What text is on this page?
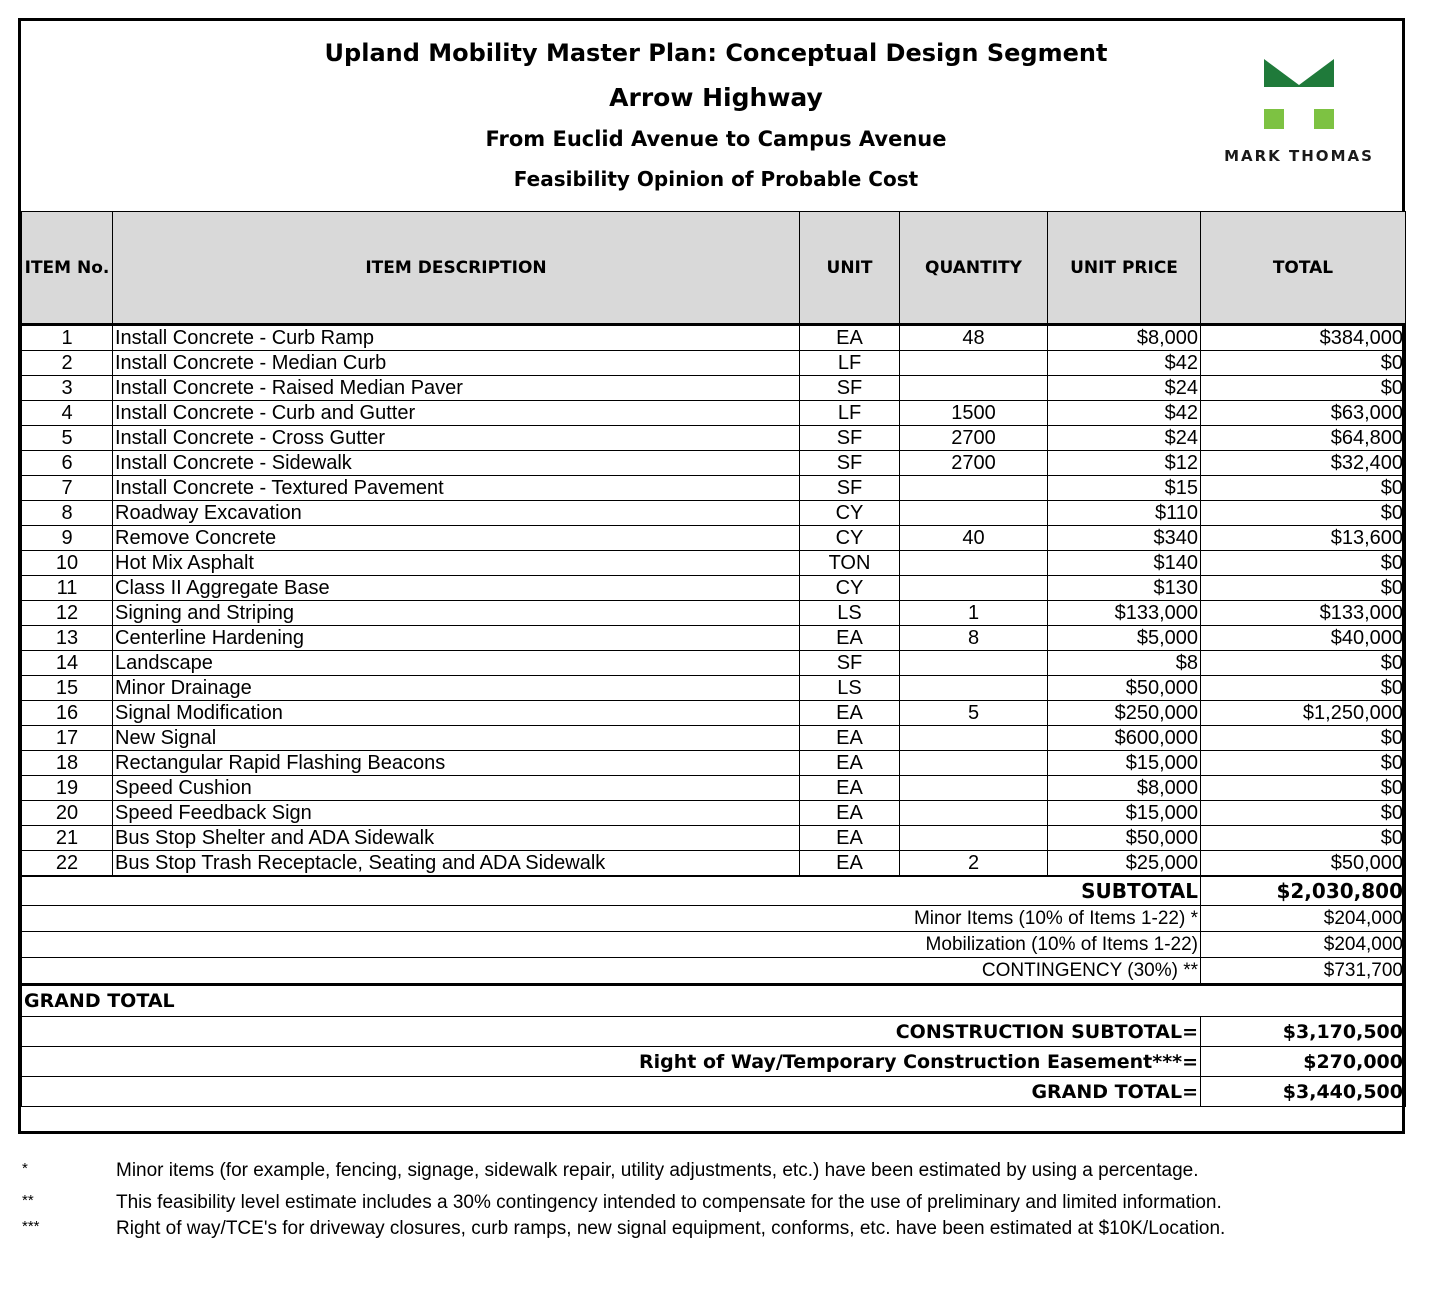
Upland Mobility Master Plan: Conceptual Design Segment
Arrow Highway
From Euclid Avenue to Campus Avenue
Feasibility Opinion of Probable Cost
MARK THOMAS
ITEM No.	ITEM DESCRIPTION	UNIT	QUANTITY	UNIT PRICE	TOTAL
1	Install Concrete - Curb Ramp	EA	48	$8,000	$384,000
2	Install Concrete - Median Curb	LF		$42	$0
3	Install Concrete - Raised Median Paver	SF		$24	$0
4	Install Concrete - Curb and Gutter	LF	1500	$42	$63,000
5	Install Concrete - Cross Gutter	SF	2700	$24	$64,800
6	Install Concrete - Sidewalk	SF	2700	$12	$32,400
7	Install Concrete - Textured Pavement	SF		$15	$0
8	Roadway Excavation	CY		$110	$0
9	Remove Concrete	CY	40	$340	$13,600
10	Hot Mix Asphalt	TON		$140	$0
11	Class II Aggregate Base	CY		$130	$0
12	Signing and Striping	LS	1	$133,000	$133,000
13	Centerline Hardening	EA	8	$5,000	$40,000
14	Landscape	SF		$8	$0
15	Minor Drainage	LS		$50,000	$0
16	Signal Modification	EA	5	$250,000	$1,250,000
17	New Signal	EA		$600,000	$0
18	Rectangular Rapid Flashing Beacons	EA		$15,000	$0
19	Speed Cushion	EA		$8,000	$0
20	Speed Feedback Sign	EA		$15,000	$0
21	Bus Stop Shelter and ADA Sidewalk	EA		$50,000	$0
22	Bus Stop Trash Receptacle, Seating and ADA Sidewalk	EA	2	$25,000	$50,000
SUBTOTAL					$2,030,800
Minor Items (10% of Items 1-22) *					$204,000
Mobilization (10% of Items 1-22)					$204,000
CONTINGENCY (30%) **					$731,700
GRAND TOTAL					
CONSTRUCTION SUBTOTAL=					$3,170,500
Right of Way/Temporary Construction Easement***=					$270,000
GRAND TOTAL=					$3,440,500
*	Minor items (for example, fencing, signage, sidewalk repair, utility adjustments, etc.) have been estimated by using a percentage.
**	This feasibility level estimate includes a 30% contingency intended to compensate for the use of preliminary and limited information.
***	Right of way/TCE's for driveway closures, curb ramps, new signal equipment, conforms, etc. have been estimated at $10K/Location.
